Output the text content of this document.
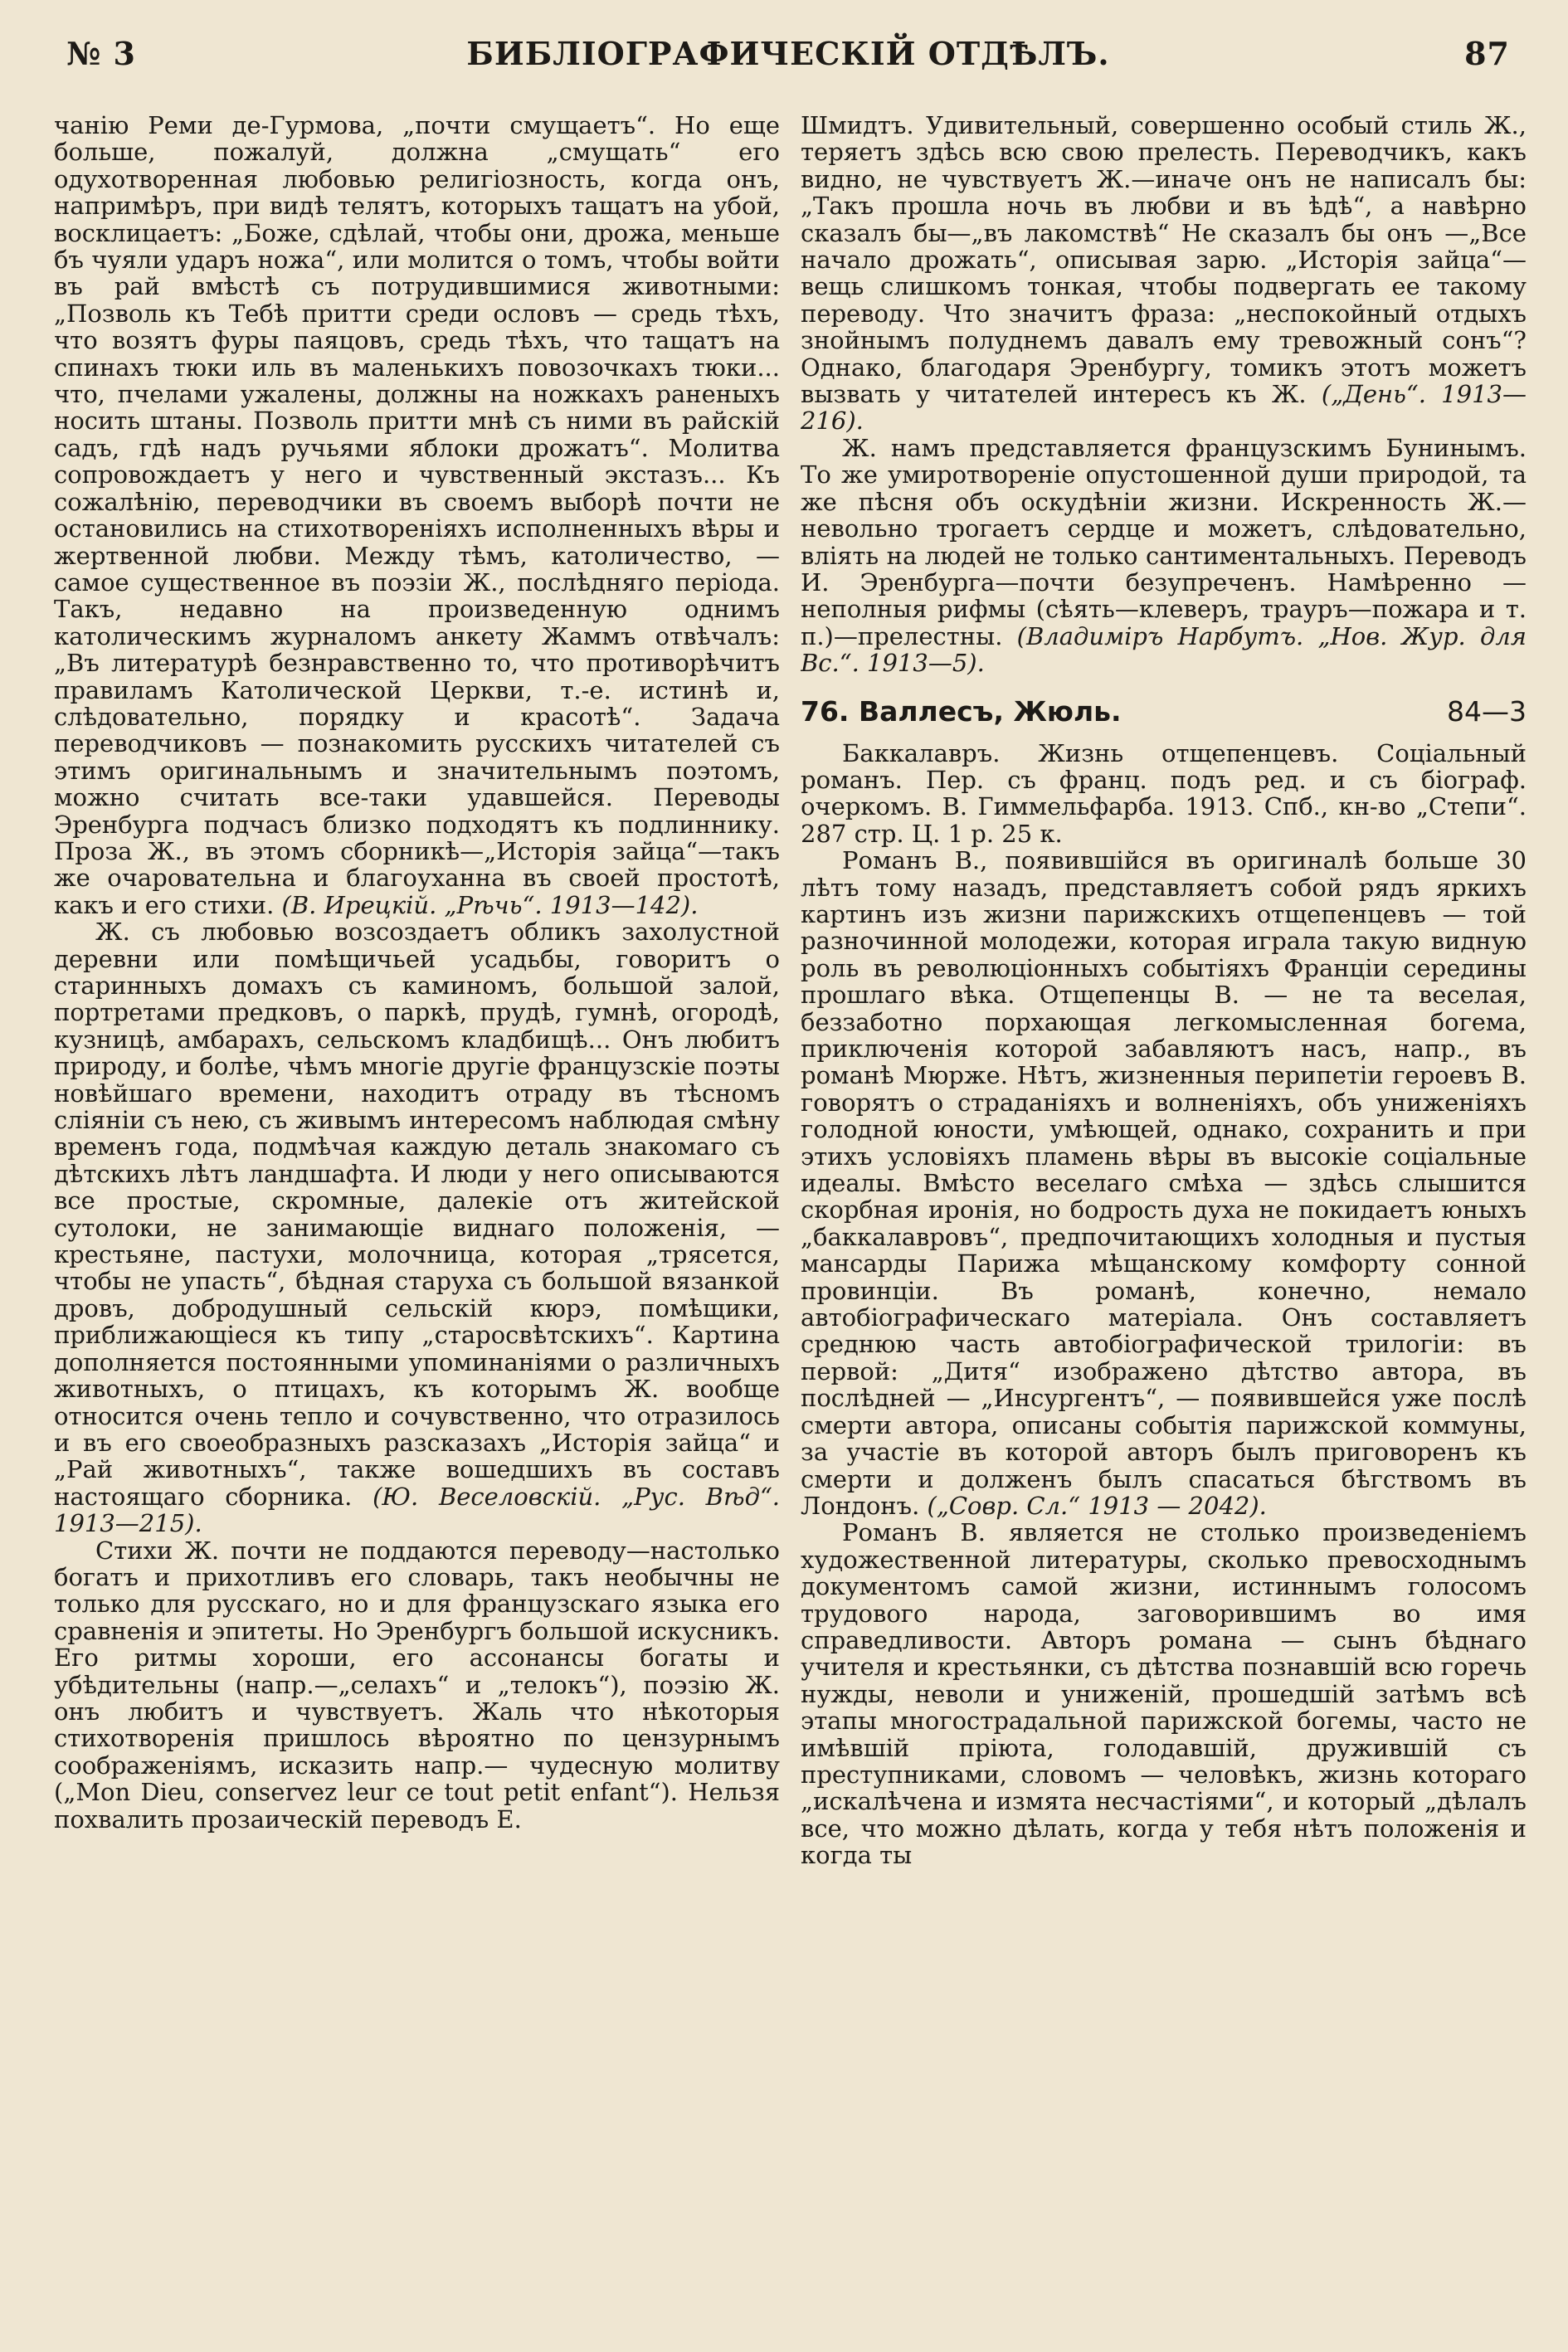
№ 3	БИБЛІОГРАФИЧЕСКІЙ ОТДѢЛЪ.	87

чанію Реми де-Гурмова, „почти смущаетъ“. Но еще больше, пожалуй, должна „смущать“ его одухотворенная любовью религіозность, когда онъ, напримѣръ, при видѣ телятъ, которыхъ тащатъ на убой, восклицаетъ: „Боже, сдѣлай, чтобы они, дрожа, меньше бъ чуяли ударъ ножа“, или молится о томъ, чтобы войти въ рай вмѣстѣ съ потрудившимися животными: „Позволь къ Тебѣ притти среди ословъ — средь тѣхъ, что возятъ фуры паяцовъ, средь тѣхъ, что тащатъ на спинахъ тюки иль въ маленькихъ повозочкахъ тюки... что, пчелами ужалены, должны на ножкахъ раненыхъ носить штаны. Позволь притти мнѣ съ ними въ райскій садъ, гдѣ надъ ручьями яблоки дрожатъ“. Молитва сопровождаетъ у него и чувственный экстазъ... Къ сожалѣнію, переводчики въ своемъ выборѣ почти не остановились на стихотвореніяхъ исполненныхъ вѣры и жертвенной любви. Между тѣмъ, католичество, — самое существенное въ поэзіи Ж., послѣдняго періода. Такъ, недавно на произведенную однимъ католическимъ журналомъ анкету Жаммъ отвѣчалъ: „Въ литературѣ безнравственно то, что противорѣчитъ правиламъ Католической Церкви, т.-е. истинѣ и, слѣдовательно, порядку и красотѣ“. Задача переводчиковъ — познакомить русскихъ читателей съ этимъ оригинальнымъ и значительнымъ поэтомъ, можно считать все-таки удавшейся. Переводы Эренбурга подчасъ близко подходятъ къ подлиннику. Проза Ж., въ этомъ сборникѣ—„Исторія зайца“—такъ же очаровательна и благоуханна въ своей простотѣ, какъ и его стихи. (В. Ирецкій. „Рѣчь“. 1913—142).

Ж. съ любовью возсоздаетъ обликъ захолустной деревни или помѣщичьей усадьбы, говоритъ о старинныхъ домахъ съ каминомъ, большой залой, портретами предковъ, о паркѣ, прудѣ, гумнѣ, огородѣ, кузницѣ, амбарахъ, сельскомъ кладбищѣ... Онъ любитъ природу, и болѣе, чѣмъ многіе другіе французскіе поэты новѣйшаго времени, находитъ отраду въ тѣсномъ сліяніи съ нею, съ живымъ интересомъ наблюдая смѣну временъ года, подмѣчая каждую деталь знакомаго съ дѣтскихъ лѣтъ ландшафта. И люди у него описываются все простые, скромные, далекіе отъ житейской сутолоки, не занимающіе виднаго положенія, — крестьяне, пастухи, молочница, которая „трясется, чтобы не упасть“, бѣдная старуха съ большой вязанкой дровъ, добродушный сельскій кюрэ, помѣщики, приближающіеся къ типу „старосвѣтскихъ“. Картина дополняется постоянными упоминаніями о различныхъ животныхъ, о птицахъ, къ которымъ Ж. вообще относится очень тепло и сочувственно, что отразилось и въ его своеобразныхъ разсказахъ „Исторія зайца“ и „Рай животныхъ“, также вошедшихъ въ составъ настоящаго сборника. (Ю. Веселовскій. „Рус. Вѣд“. 1913—215).

Стихи Ж. почти не поддаются переводу—настолько богатъ и прихотливъ его словарь, такъ необычны не только для русскаго, но и для французскаго языка его сравненія и эпитеты. Но Эренбургъ большой искусникъ. Его ритмы хороши, его ассонансы богаты и убѣдительны (напр.—„селахъ“ и „телокъ“), поэзію Ж. онъ любитъ и чувствуетъ. Жаль что нѣкоторыя стихотворенія пришлось вѣроятно по цензурнымъ соображеніямъ, исказить напр.— чудесную молитву („Mon Dieu, conservez leur ce tout petit enfant“). Нельзя похвалить прозаическій переводъ Е.

Шмидтъ. Удивительный, совершенно особый стиль Ж., теряетъ здѣсь всю свою прелесть. Переводчикъ, какъ видно, не чувствуетъ Ж.—иначе онъ не написалъ бы: „Такъ прошла ночь въ любви и въ ѣдѣ“, а навѣрно сказалъ бы—„въ лакомствѣ“ Не сказалъ бы онъ —„Все начало дрожать“, описывая зарю. „Исторія зайца“—вещь слишкомъ тонкая, чтобы подвергать ее такому переводу. Что значитъ фраза: „неспокойный отдыхъ знойнымъ полуднемъ давалъ ему тревожный сонъ“? Однако, благодаря Эренбургу, томикъ этотъ можетъ вызвать у читателей интересъ къ Ж. („День“. 1913—216).

Ж. намъ представляется французскимъ Бунинымъ. То же умиротвореніе опустошенной души природой, та же пѣсня объ оскудѣніи жизни. Искренность Ж.—невольно трогаетъ сердце и можетъ, слѣдовательно, вліять на людей не только сантиментальныхъ. Переводъ И. Эренбурга—почти безупреченъ. Намѣренно — неполныя рифмы (сѣять—клеверъ, трауръ—пожара и т. п.)—прелестны. (Владимiръ Нарбутъ. „Нов. Жур. для Вс.“. 1913—5).

76. Валлесъ, Жюль.	84—3

Баккалавръ. Жизнь отщепенцевъ. Соціальный романъ. Пер. съ франц. подъ ред. и съ біограф. очеркомъ. В. Гиммельфарба. 1913. Спб., кн-во „Степи“. 287 стр. Ц. 1 р. 25 к.

Романъ В., появившійся въ оригиналѣ больше 30 лѣтъ тому назадъ, представляетъ собой рядъ яркихъ картинъ изъ жизни парижскихъ отщепенцевъ — той разночинной молодежи, которая играла такую видную роль въ революціонныхъ событіяхъ Франціи середины прошлаго вѣка. Отщепенцы В. — не та веселая, беззаботно порхающая легкомысленная богема, приключенія которой забавляютъ насъ, напр., въ романѣ Мюрже. Нѣтъ, жизненныя перипетіи героевъ В. говорятъ о страданіяхъ и волненіяхъ, объ униженіяхъ голодной юности, умѣющей, однако, сохранить и при этихъ условіяхъ пламень вѣры въ высокіе соціальные идеалы. Вмѣсто веселаго смѣха — здѣсь слышится скорбная иронія, но бодрость духа не покидаетъ юныхъ „баккалавровъ“, предпочитающихъ холодныя и пустыя мансарды Парижа мѣщанскому комфорту сонной провинціи. Въ романѣ, конечно, немало автобіографическаго матеріала. Онъ составляетъ среднюю часть автобіографической трилогіи: въ первой: „Дитя“ изображено дѣтство автора, въ послѣдней — „Инсургентъ“, — появившейся уже послѣ смерти автора, описаны событія парижской коммуны, за участіе въ которой авторъ былъ приговоренъ къ смерти и долженъ былъ спасаться бѣгствомъ въ Лондонъ. („Совр. Сл.“ 1913 — 2042).

Романъ В. является не столько произведеніемъ художественной литературы, сколько превосходнымъ документомъ самой жизни, истиннымъ голосомъ трудового народа, заговорившимъ во имя справедливости. Авторъ романа — сынъ бѣднаго учителя и крестьянки, съ дѣтства познавшій всю горечь нужды, неволи и униженій, прошедшій затѣмъ всѣ этапы многострадальной парижской богемы, часто не имѣвшій пріюта, голодавшій, дружившій съ преступниками, словомъ — человѣкъ, жизнь котораго „искалѣчена и измята несчастіями“, и который „дѣлалъ все, что можно дѣлать, когда у тебя нѣтъ положенія и когда ты
